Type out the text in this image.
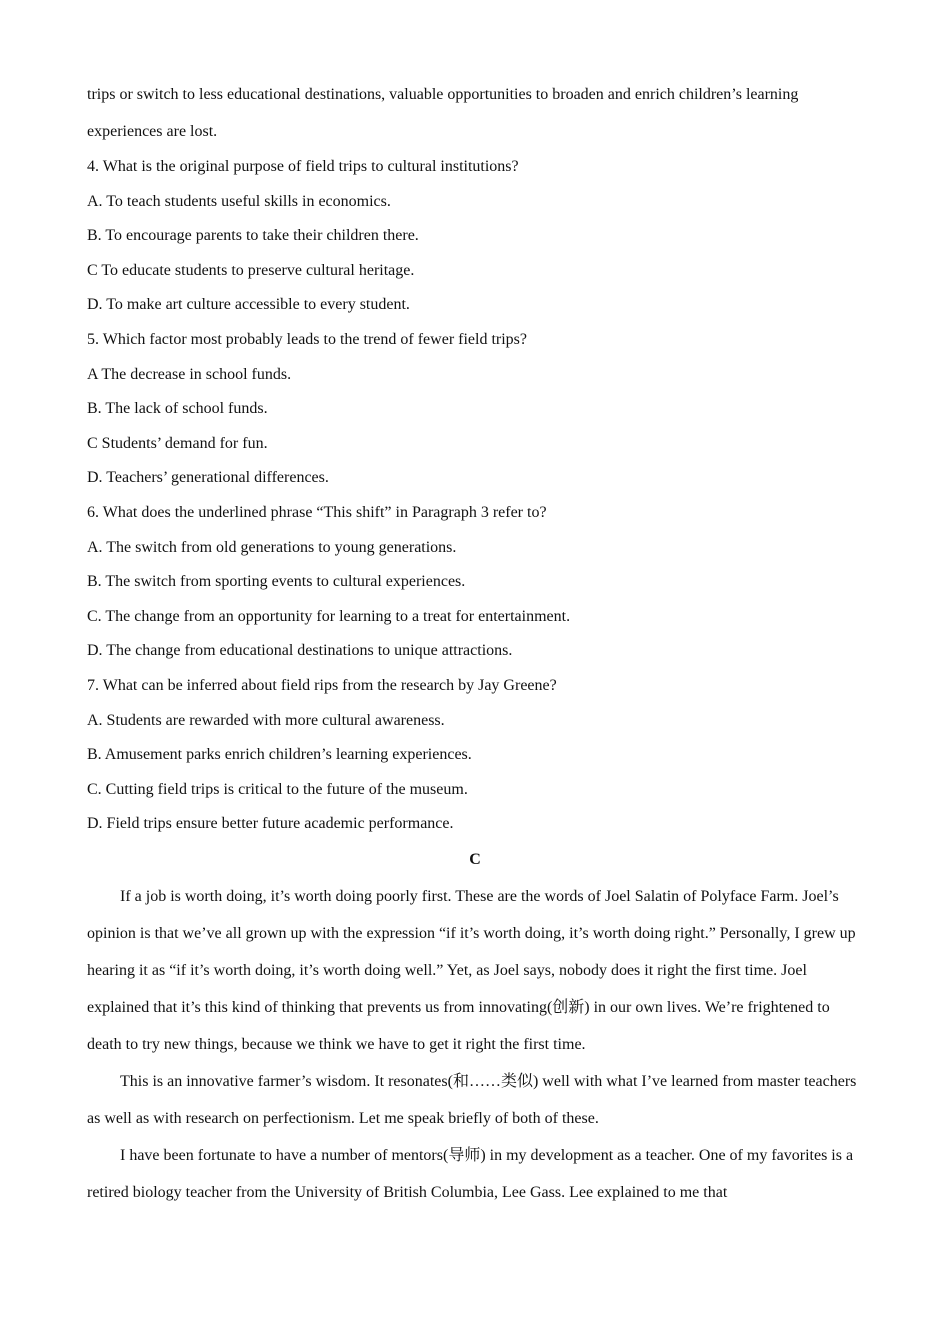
trips or switch to less educational destinations, valuable opportunities to broaden and enrich children’s learning experiences are lost.

4. What is the original purpose of field trips to cultural institutions?

A. To teach students useful skills in economics.

B. To encourage parents to take their children there.

C To educate students to preserve cultural heritage.

D. To make art culture accessible to every student.

5. Which factor most probably leads to the trend of fewer field trips?

A The decrease in school funds.

B. The lack of school funds.

C Students’ demand for fun.

D. Teachers’ generational differences.

6. What does the underlined phrase “This shift” in Paragraph 3 refer to?

A. The switch from old generations to young generations.

B. The switch from sporting events to cultural experiences.

C. The change from an opportunity for learning to a treat for entertainment.

D. The change from educational destinations to unique attractions.

7. What can be inferred about field rips from the research by Jay Greene?

A. Students are rewarded with more cultural awareness.

B. Amusement parks enrich children’s learning experiences.

C. Cutting field trips is critical to the future of the museum.

D. Field trips ensure better future academic performance.

C

If a job is worth doing, it’s worth doing poorly first. These are the words of Joel Salatin of Polyface Farm. Joel’s opinion is that we’ve all grown up with the expression “if it’s worth doing, it’s worth doing right.” Personally, I grew up hearing it as “if it’s worth doing, it’s worth doing well.” Yet, as Joel says, nobody does it right the first time. Joel explained that it’s this kind of thinking that prevents us from innovating(创新) in our own lives. We’re frightened to death to try new things, because we think we have to get it right the first time.

This is an innovative farmer’s wisdom. It resonates(和……类似) well with what I’ve learned from master teachers as well as with research on perfectionism. Let me speak briefly of both of these.

I have been fortunate to have a number of mentors(导师) in my development as a teacher. One of my favorites is a retired biology teacher from the University of British Columbia, Lee Gass. Lee explained to me that
